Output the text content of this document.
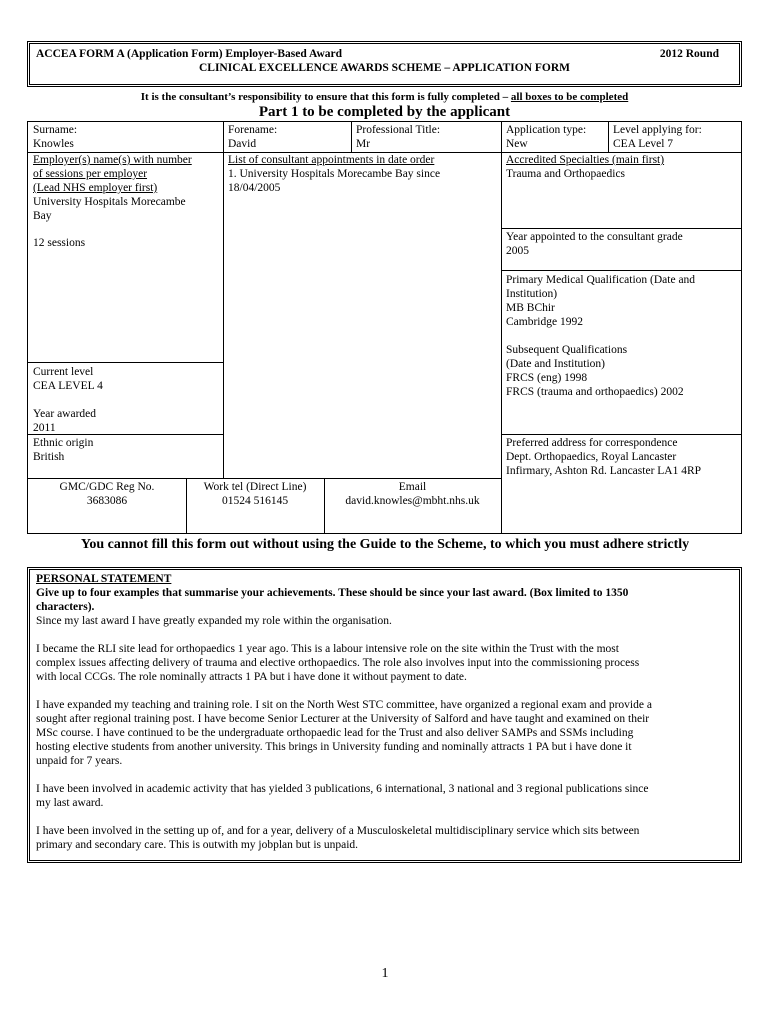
ACCEA FORM A (Application Form) Employer-Based Award	2012 Round
CLINICAL EXCELLENCE AWARDS SCHEME – APPLICATION FORM
It is the consultant’s responsibility to ensure that this form is fully completed – all boxes to be completed
Part 1 to be completed by the applicant

Surname:

Knowles

Forename:

David

Professional Title:

Mr

Application type:

New

Level applying for:

CEA Level 7

Employer(s) name(s) with number

of sessions per employer

(Lead NHS employer first)

University Hospitals Morecambe

Bay

12 sessions

List of consultant appointments in date order

1. University Hospitals Morecambe Bay since

18/04/2005

Accredited Specialties (main first)

Trauma and Orthopaedics

Year appointed to the consultant grade

2005

Primary Medical Qualification (Date and

Institution)

MB BChir

Cambridge 1992

Subsequent Qualifications

(Date and Institution)

FRCS (eng) 1998

FRCS (trauma and orthopaedics) 2002

Current level

CEA LEVEL 4

Year awarded

2011

Ethnic origin

British

Preferred address for correspondence

Dept. Orthopaedics, Royal Lancaster

Infirmary, Ashton Rd. Lancaster LA1 4RP

GMC/GDC Reg No.

3683086

Work tel (Direct Line)

01524 516145

Email

david.knowles@mbht.nhs.uk

You cannot fill this form out without using the Guide to the Scheme, to which you must adhere strictly

PERSONAL STATEMENT

Give up to four examples that summarise your achievements. These should be since your last award. (Box limited to 1350

characters).

Since my last award I have greatly expanded my role within the organisation.

I became the RLI site lead for orthopaedics 1 year ago. This is a labour intensive role on the site within the Trust with the most

complex issues affecting delivery of trauma and elective orthopaedics. The role also involves input into the commissioning process

with local CCGs. The role nominally attracts 1 PA but i have done it without payment to date.

I have expanded my teaching and training role. I sit on the North West STC committee, have organized a regional exam and provide a

sought after regional training post. I have become Senior Lecturer at the University of Salford and have taught and examined on their

MSc course. I have continued to be the undergraduate orthopaedic lead for the Trust and also deliver SAMPs and SSMs including

hosting elective students from another university. This brings in University funding and nominally attracts 1 PA but i have done it

unpaid for 7 years.

I have been involved in academic activity that has yielded 3 publications, 6 international, 3 national and 3 regional publications since

my last award.

I have been involved in the setting up of, and for a year, delivery of a Musculoskeletal multidisciplinary service which sits between

primary and secondary care. This is outwith my jobplan but is unpaid.

1
